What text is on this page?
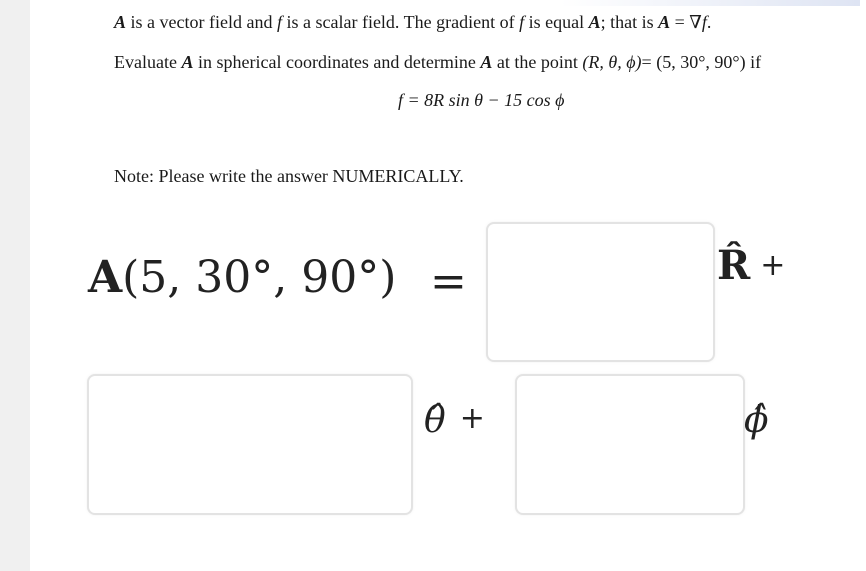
A is a vector field and f is a scalar field. The gradient of f is equal A; that is A = ∇f.
Evaluate A in spherical coordinates and determine A at the point (R, θ, ϕ)= (5, 30°, 90°) if
f = 8R sin θ − 15 cos ϕ
Note: Please write the answer NUMERICALLY.
A(5, 30°, 90°) =	R̂ +
θ̂ +	ϕ̂
